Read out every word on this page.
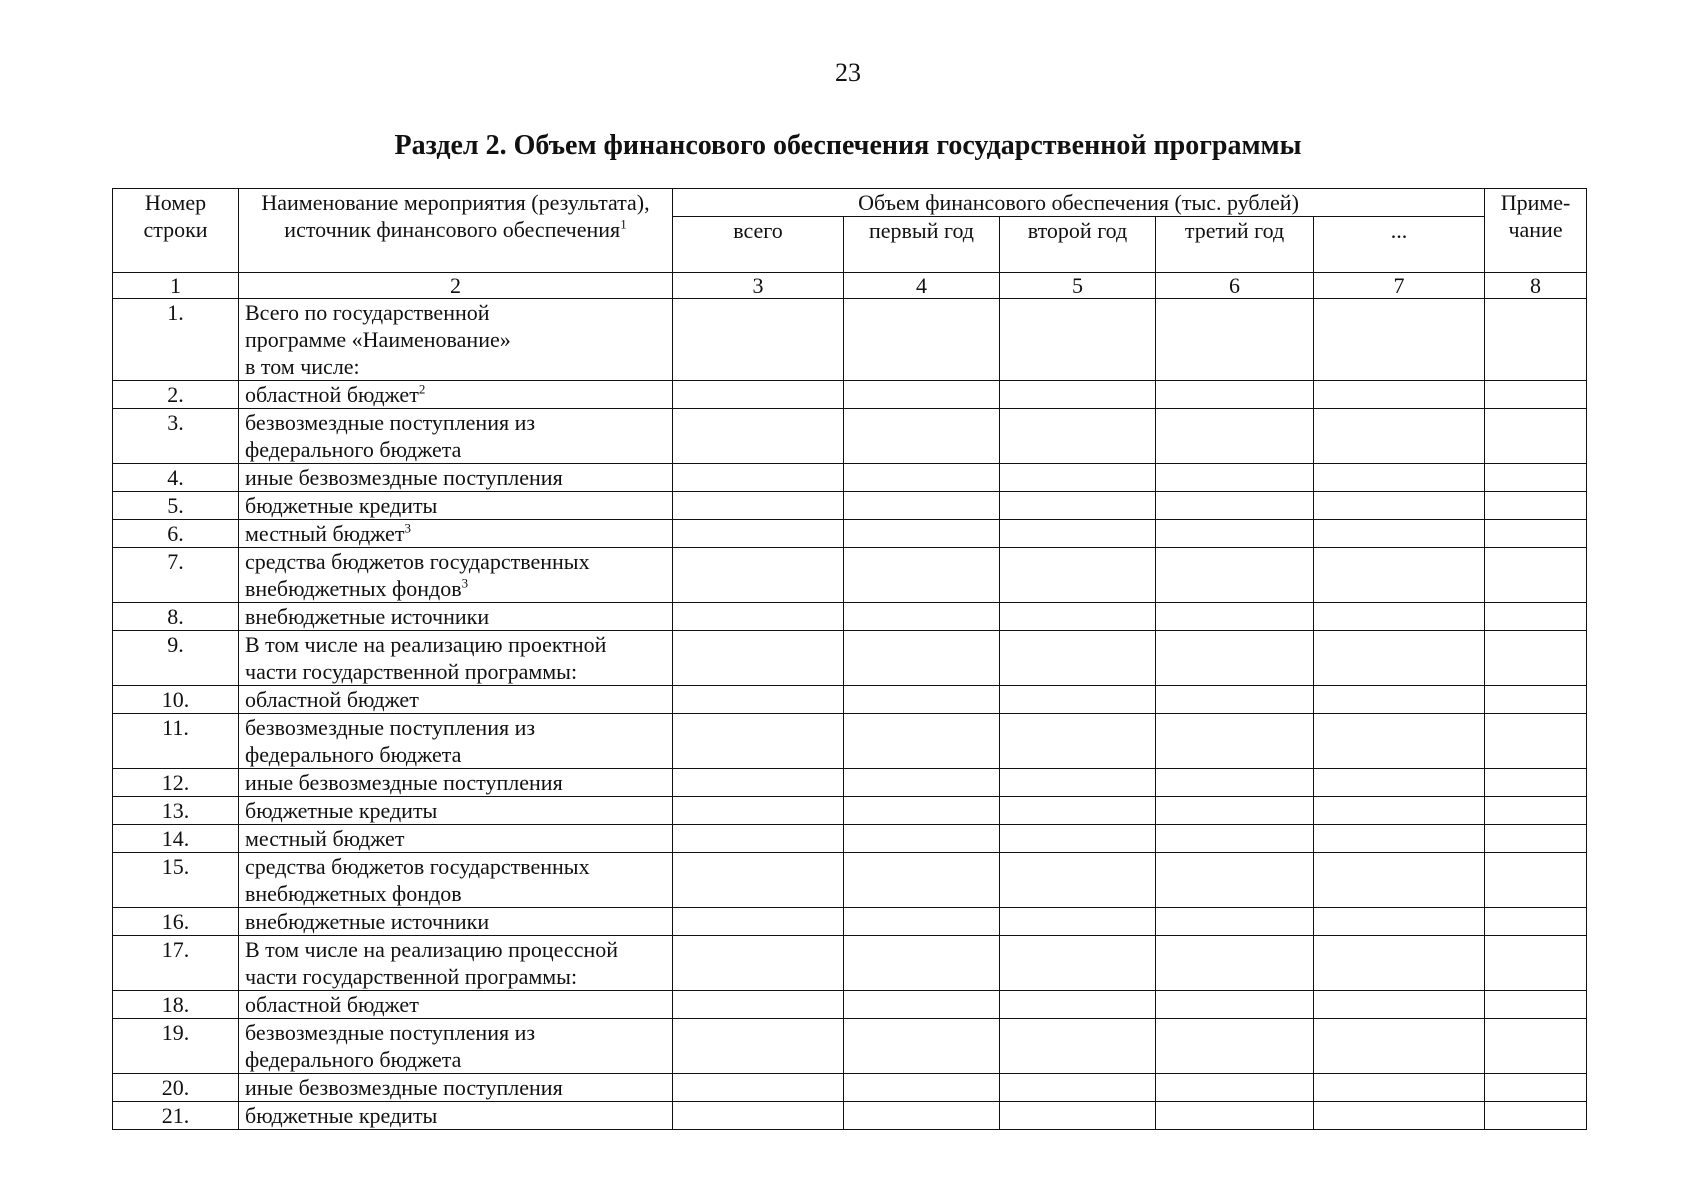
23
Раздел 2. Объем финансового обеспечения государственной программы
Номер строки	Наименование мероприятия (результата), источник финансового обеспечения$^1$	Объем финансового обеспечения (тыс. рублей)					Приме-чание
		всего	первый год	второй год	третий год	...	
1	2	3	4	5	6	7	8
1.	Всего по государственной
программе «Наименование»
в том числе:						

2.	областной бюджет$^2$

3.	безвозмездные поступления из
федерального бюджета						

4.	иные безвозмездные поступления						

5.	бюджетные кредиты						

6.	местный бюджет$^3$

7.	средства бюджетов государственных
внебюджетных фондов$^3$

8.	внебюджетные источники						

9.	В том числе на реализацию проектной
части государственной программы:						

10.	областной бюджет						

11.	безвозмездные поступления из
федерального бюджета						

12.	иные безвозмездные поступления						

13.	бюджетные кредиты						

14.	местный бюджет						

15.	средства бюджетов государственных
внебюджетных фондов						

16.	внебюджетные источники						

17.	В том числе на реализацию процессной
части государственной программы:						

18.	областной бюджет						

19.	безвозмездные поступления из
федерального бюджета						

20.	иные безвозмездные поступления						

21.	бюджетные кредиты						
